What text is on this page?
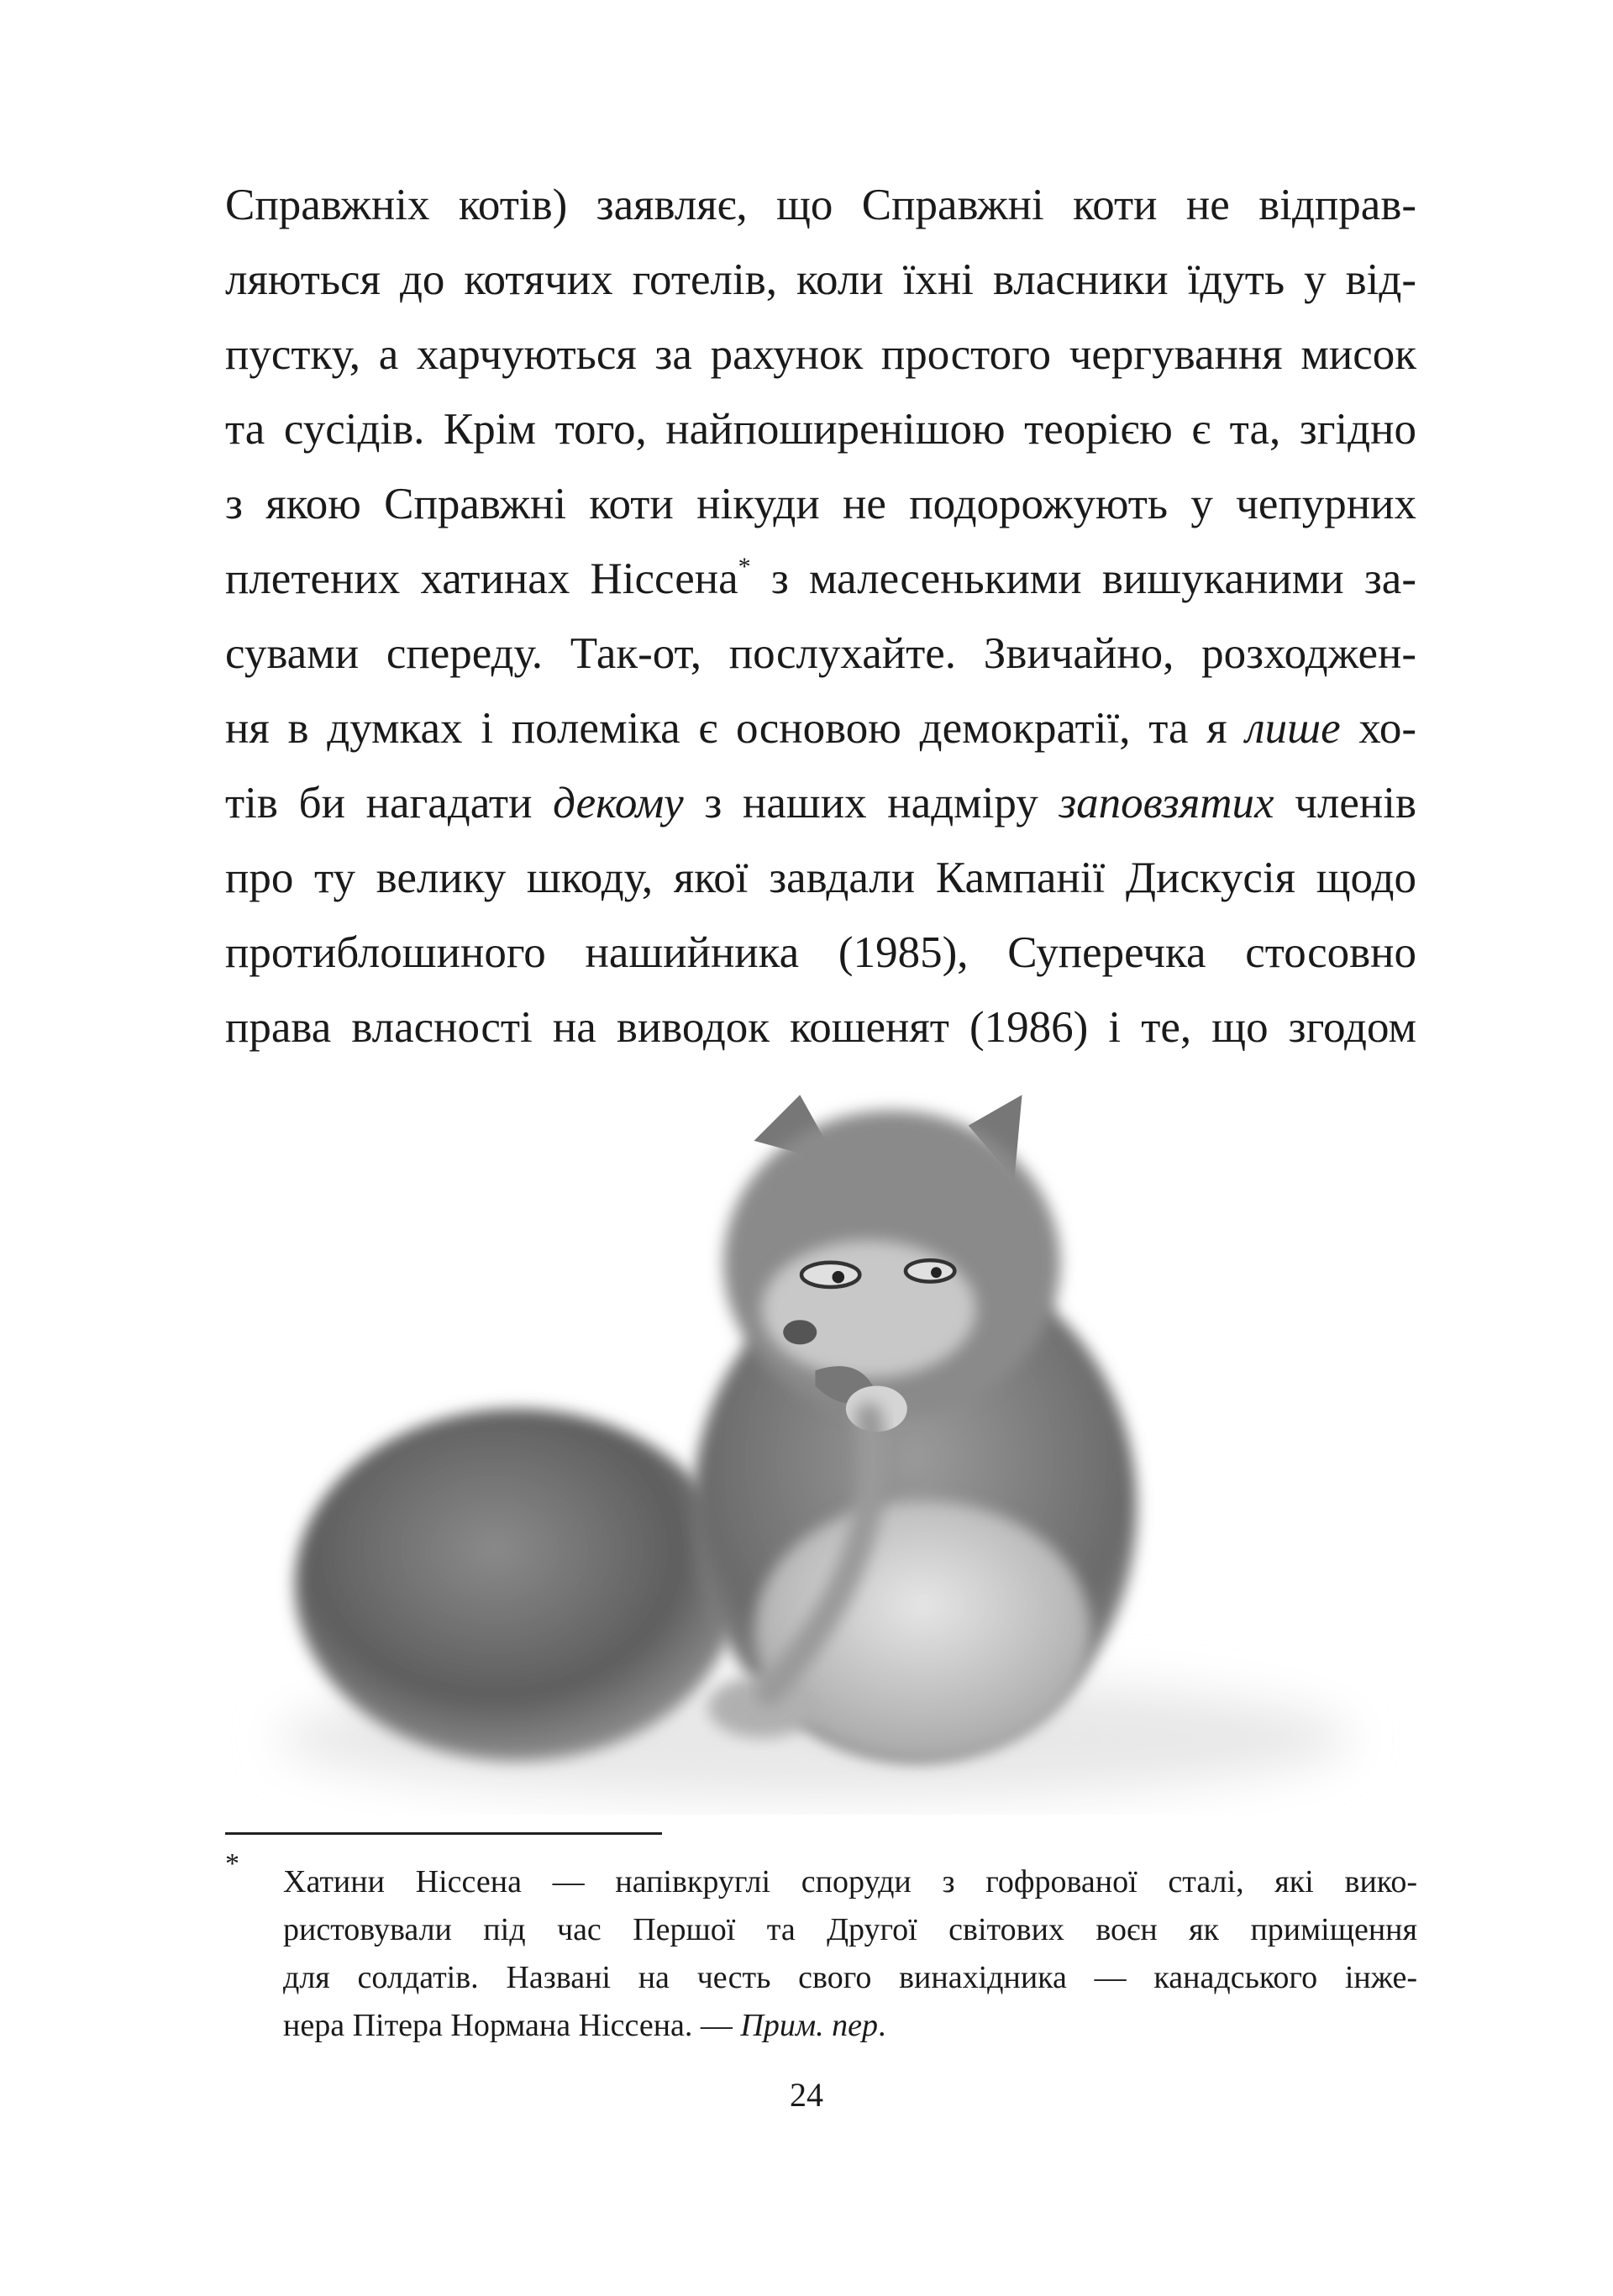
Справжніх котів) заявляє, що Справжні коти не відправ-
ляються до котячих готелів, коли їхні власники їдуть у від-
пустку, а харчуються за рахунок простого чергування мисок
та сусідів. Крім того, найпоширенішою теорією є та, згідно
з якою Справжні коти нікуди не подорожують у чепурних
плетених хатинах Ніссена* з малесенькими вишуканими за-
сувами спереду. Так-от, послухайте. Звичайно, розходжен-
ня в думках і полеміка є основою демократії, та я лише хо-
тів би нагадати декому з наших надміру заповзятих членів
про ту велику шкоду, якої завдали Кампанії Дискусія щодо
протиблошиного нашийника (1985), Суперечка стосовно
права власності на виводок кошенят (1986) і те, що згодом
*
Хатини Ніссена — напівкруглі споруди з гофрованої сталі, які вико-
ристовували під час Першої та Другої світових воєн як приміщення
для солдатів. Названі на честь свого винахідника — канадського інже-
нера Пітера Нормана Ніссена. — Прим. пер.
24
